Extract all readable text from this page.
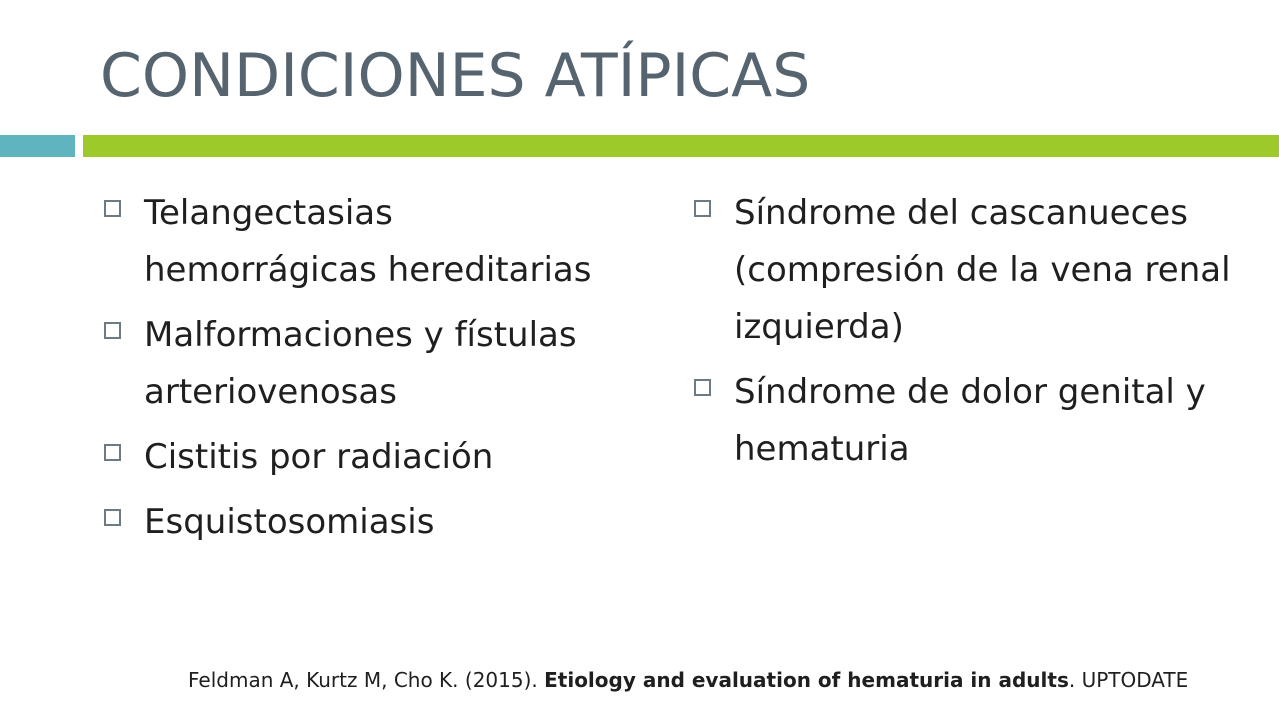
CONDICIONES ATÍPICAS
Telangectasias hemorrágicas hereditarias
Malformaciones y fístulas arteriovenosas
Cistitis por radiación
Esquistosomiasis
Síndrome del cascanueces (compresión de la vena renal izquierda)
Síndrome de dolor genital y hematuria
Feldman A, Kurtz M, Cho K. (2015). Etiology and evaluation of hematuria in adults. UPTODATE
